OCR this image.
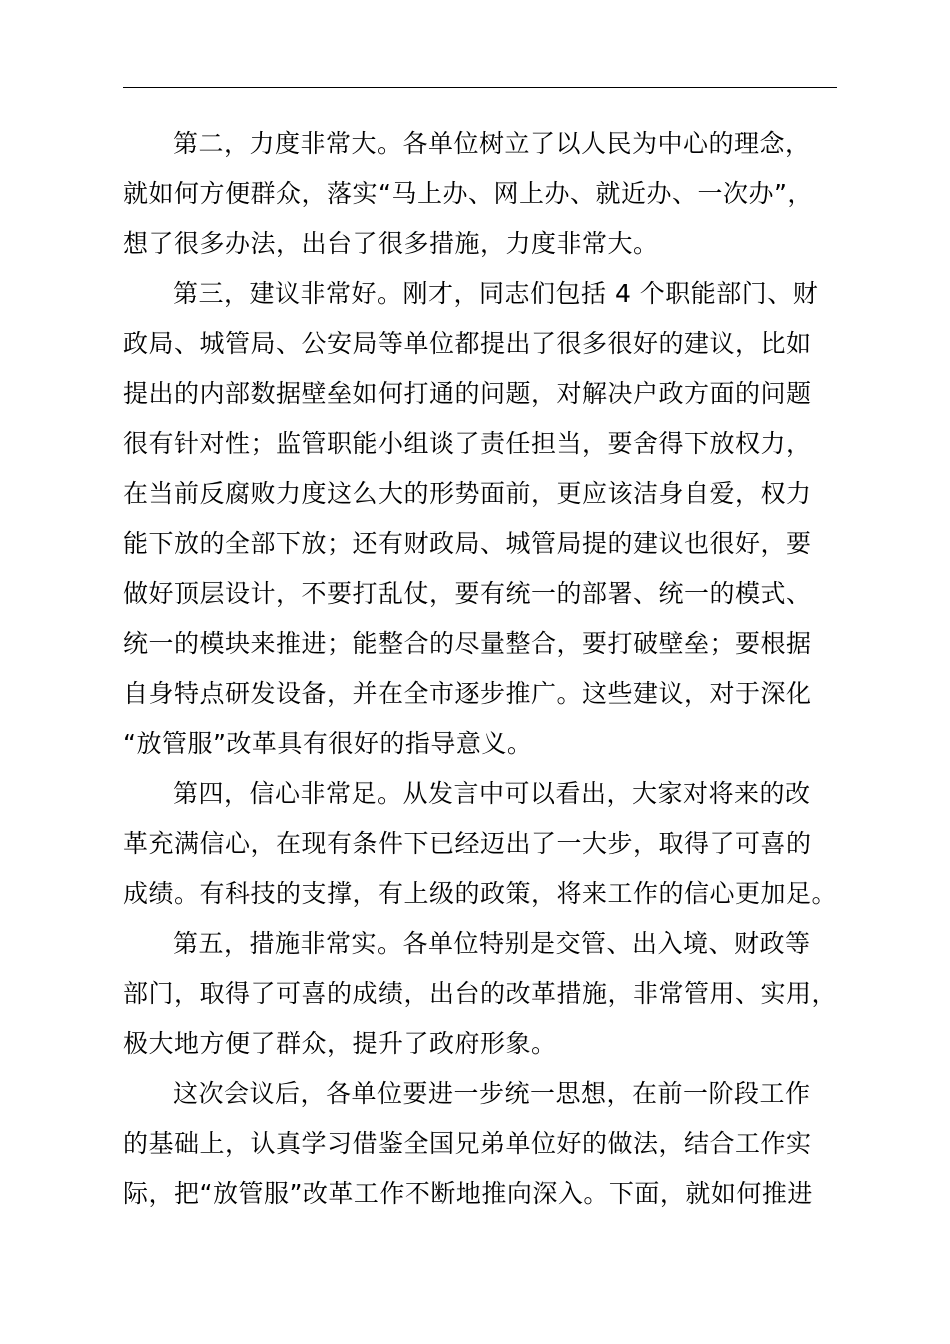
第二，力度非常大。各单位树立了以人民为中心的理念，
就如何方便群众，落实“马上办、网上办、就近办、一次办”，
想了很多办法，出台了很多措施，力度非常大。
第三，建议非常好。刚才，同志们包括 4 个职能部门、财
政局、城管局、公安局等单位都提出了很多很好的建议，比如
提出的内部数据壁垒如何打通的问题，对解决户政方面的问题
很有针对性；监管职能小组谈了责任担当，要舍得下放权力，
在当前反腐败力度这么大的形势面前，更应该洁身自爱，权力
能下放的全部下放；还有财政局、城管局提的建议也很好，要
做好顶层设计，不要打乱仗，要有统一的部署、统一的模式、
统一的模块来推进；能整合的尽量整合，要打破壁垒；要根据
自身特点研发设备，并在全市逐步推广。这些建议，对于深化
“放管服”改革具有很好的指导意义。
第四，信心非常足。从发言中可以看出，大家对将来的改
革充满信心，在现有条件下已经迈出了一大步，取得了可喜的
成绩。有科技的支撑，有上级的政策，将来工作的信心更加足。
第五，措施非常实。各单位特别是交管、出入境、财政等
部门，取得了可喜的成绩，出台的改革措施，非常管用、实用，
极大地方便了群众，提升了政府形象。
这次会议后，各单位要进一步统一思想，在前一阶段工作
的基础上，认真学习借鉴全国兄弟单位好的做法，结合工作实
际，把“放管服”改革工作不断地推向深入。下面，就如何推进
